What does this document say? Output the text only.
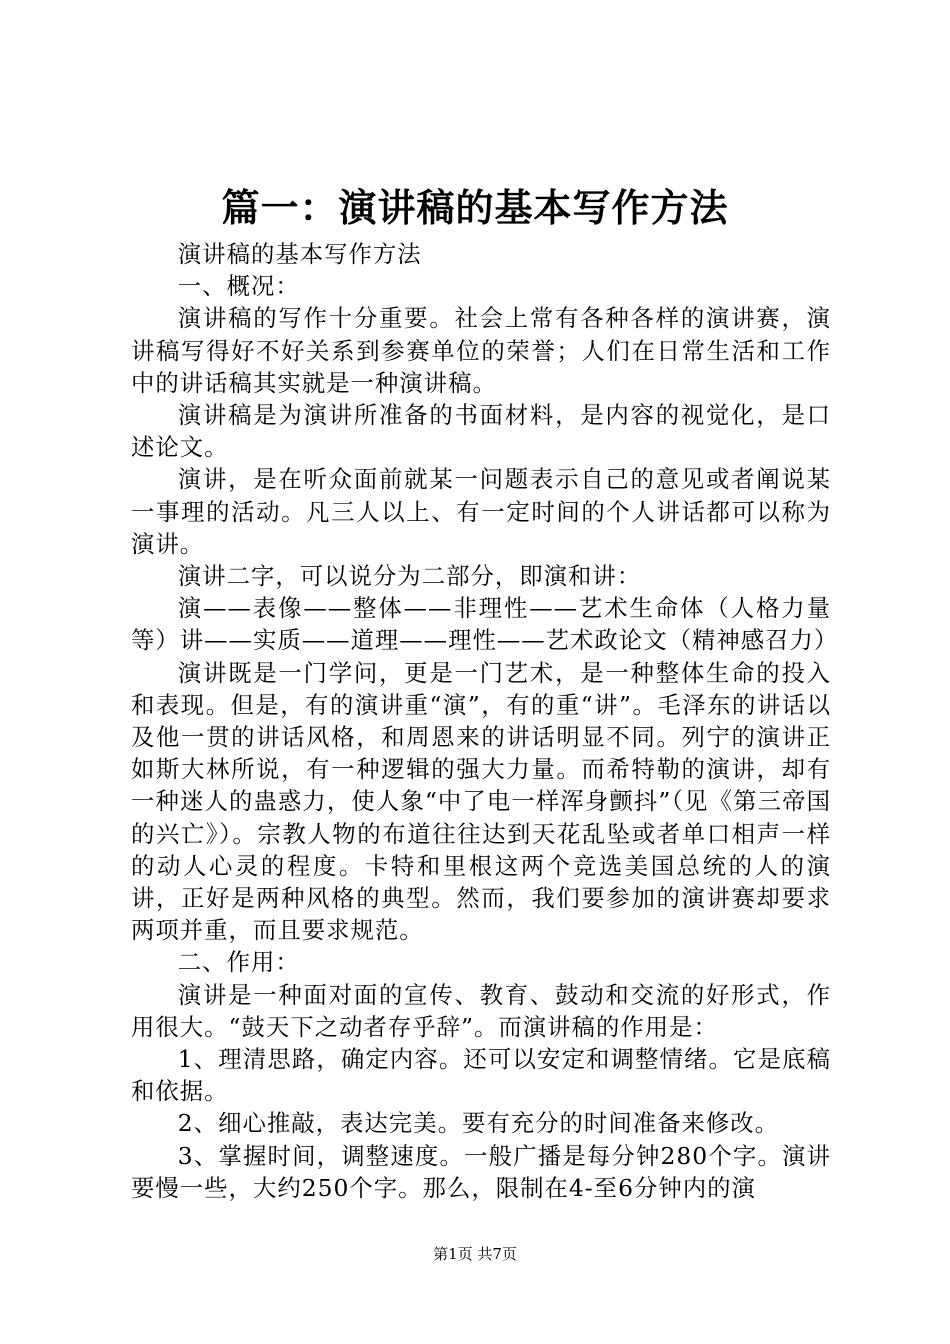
篇一：演讲稿的基本写作方法

演讲稿的基本写作方法

一、概况：

演讲稿的写作十分重要。社会上常有各种各样的演讲赛，演讲稿写得好不好关系到参赛单位的荣誉；人们在日常生活和工作中的讲话稿其实就是一种演讲稿。

演讲稿是为演讲所准备的书面材料，是内容的视觉化，是口述论文。

演讲，是在听众面前就某一问题表示自己的意见或者阐说某一事理的活动。凡三人以上、有一定时间的个人讲话都可以称为演讲。

演讲二字，可以说分为二部分，即演和讲：

演——表像——整体——非理性——艺术生命体（人格力量等）讲——实质——道理——理性——艺术政论文（精神感召力）

演讲既是一门学问，更是一门艺术，是一种整体生命的投入和表现。但是，有的演讲重“演”，有的重“讲”。毛泽东的讲话以及他一贯的讲话风格，和周恩来的讲话明显不同。列宁的演讲正如斯大林所说，有一种逻辑的强大力量。而希特勒的演讲，却有一种迷人的蛊惑力，使人象“中了电一样浑身颤抖”（见《第三帝国的兴亡》）。宗教人物的布道往往达到天花乱坠或者单口相声一样的动人心灵的程度。卡特和里根这两个竞选美国总统的人的演讲，正好是两种风格的典型。然而，我们要参加的演讲赛却要求两项并重，而且要求规范。

二、作用：

演讲是一种面对面的宣传、教育、鼓动和交流的好形式，作用很大。“鼓天下之动者存乎辞”。而演讲稿的作用是：

1、理清思路，确定内容。还可以安定和调整情绪。它是底稿和依据。

2、细心推敲，表达完美。要有充分的时间准备来修改。

3、掌握时间，调整速度。一般广播是每分钟280个字。演讲要慢一些，大约250个字。那么，限制在4-至6分钟内的演

第1页 共7页
